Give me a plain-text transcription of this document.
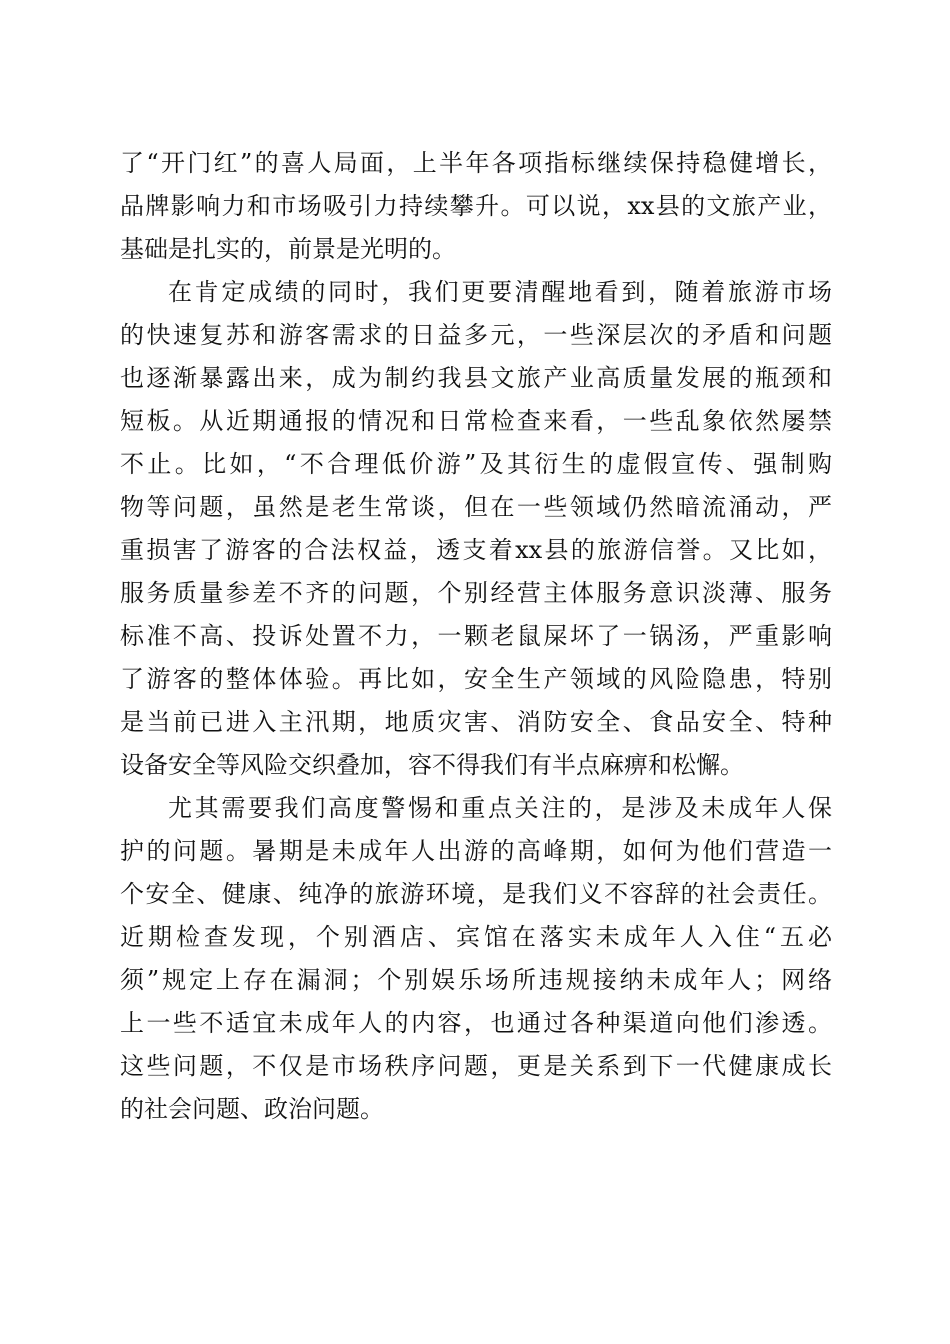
了“开门红”的喜人局面，上半年各项指标继续保持稳健增长，
品牌影响力和市场吸引力持续攀升。可以说，xx县的文旅产业，
基础是扎实的，前景是光明的。
在肯定成绩的同时，我们更要清醒地看到，随着旅游市场
的快速复苏和游客需求的日益多元，一些深层次的矛盾和问题
也逐渐暴露出来，成为制约我县文旅产业高质量发展的瓶颈和
短板。从近期通报的情况和日常检查来看，一些乱象依然屡禁
不止。比如，“不合理低价游”及其衍生的虚假宣传、强制购
物等问题，虽然是老生常谈，但在一些领域仍然暗流涌动，严
重损害了游客的合法权益，透支着xx县的旅游信誉。又比如，
服务质量参差不齐的问题，个别经营主体服务意识淡薄、服务
标准不高、投诉处置不力，一颗老鼠屎坏了一锅汤，严重影响
了游客的整体体验。再比如，安全生产领域的风险隐患，特别
是当前已进入主汛期，地质灾害、消防安全、食品安全、特种
设备安全等风险交织叠加，容不得我们有半点麻痹和松懈。
尤其需要我们高度警惕和重点关注的，是涉及未成年人保
护的问题。暑期是未成年人出游的高峰期，如何为他们营造一
个安全、健康、纯净的旅游环境，是我们义不容辞的社会责任。
近期检查发现，个别酒店、宾馆在落实未成年人入住“五必
须”规定上存在漏洞；个别娱乐场所违规接纳未成年人；网络
上一些不适宜未成年人的内容，也通过各种渠道向他们渗透。
这些问题，不仅是市场秩序问题，更是关系到下一代健康成长
的社会问题、政治问题。
